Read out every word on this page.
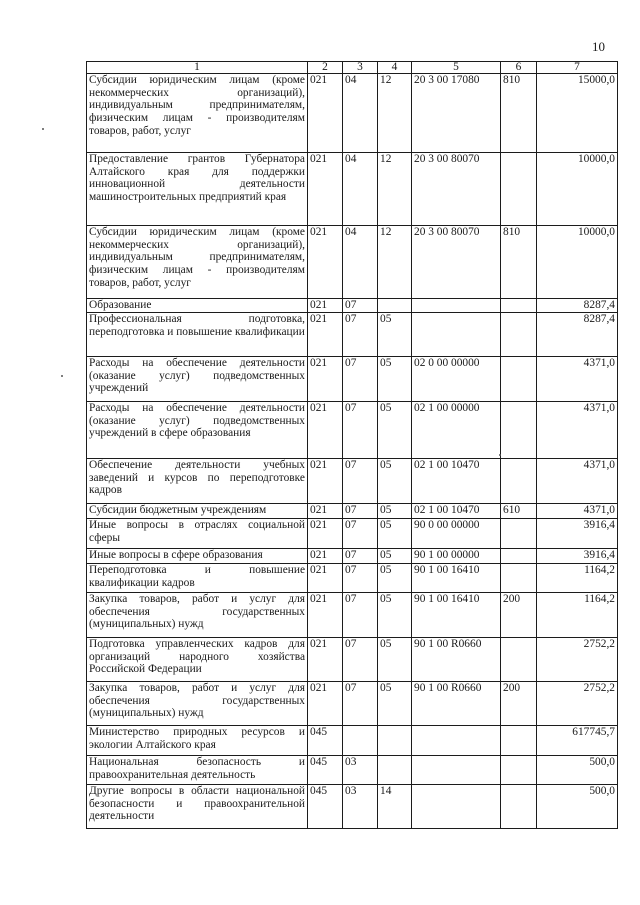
10
1	2	3	4	5	6	7
Субсидии юридическим лицам (кроме некоммерческих организаций), индивидуальным предпринимателям, физическим лицам - производителям товаров, работ, услуг	021	04	12	20 3 00 17080	810	15000,0
Предоставление грантов Губернатора Алтайского края для поддержки инновационной деятельности машиностроительных предприятий края	021	04	12	20 3 00 80070		10000,0
Субсидии юридическим лицам (кроме некоммерческих организаций), индивидуальным предпринимателям, физическим лицам - производителям товаров, работ, услуг	021	04	12	20 3 00 80070	810	10000,0
Образование	021	07				8287,4
Профессиональная подготовка, переподготовка и повышение квалификации	021	07	05			8287,4
Расходы на обеспечение деятельности (оказание услуг) подведомственных учреждений	021	07	05	02 0 00 00000		4371,0
Расходы на обеспечение деятельности (оказание услуг) подведомственных учреждений в сфере образования	021	07	05	02 1 00 00000		4371,0
Обеспечение деятельности учебных заведений и курсов по переподготовке кадров	021	07	05	02 1 00 10470		4371,0
Субсидии бюджетным учреждениям	021	07	05	02 1 00 10470	610	4371,0
Иные вопросы в отраслях социальной сферы	021	07	05	90 0 00 00000		3916,4
Иные вопросы в сфере образования	021	07	05	90 1 00 00000		3916,4
Переподготовка и повышение квалификации кадров	021	07	05	90 1 00 16410		1164,2
Закупка товаров, работ и услуг для обеспечения государственных (муниципальных) нужд	021	07	05	90 1 00 16410	200	1164,2
Подготовка управленческих кадров для организаций народного хозяйства Российской Федерации	021	07	05	90 1 00 R0660		2752,2
Закупка товаров, работ и услуг для обеспечения государственных (муниципальных) нужд	021	07	05	90 1 00 R0660	200	2752,2
Министерство природных ресурсов и экологии Алтайского края	045					617745,7
Национальная безопасность и правоохранительная деятельность	045	03				500,0
Другие вопросы в области национальной безопасности и правоохранительной деятельности	045	03	14			500,0
